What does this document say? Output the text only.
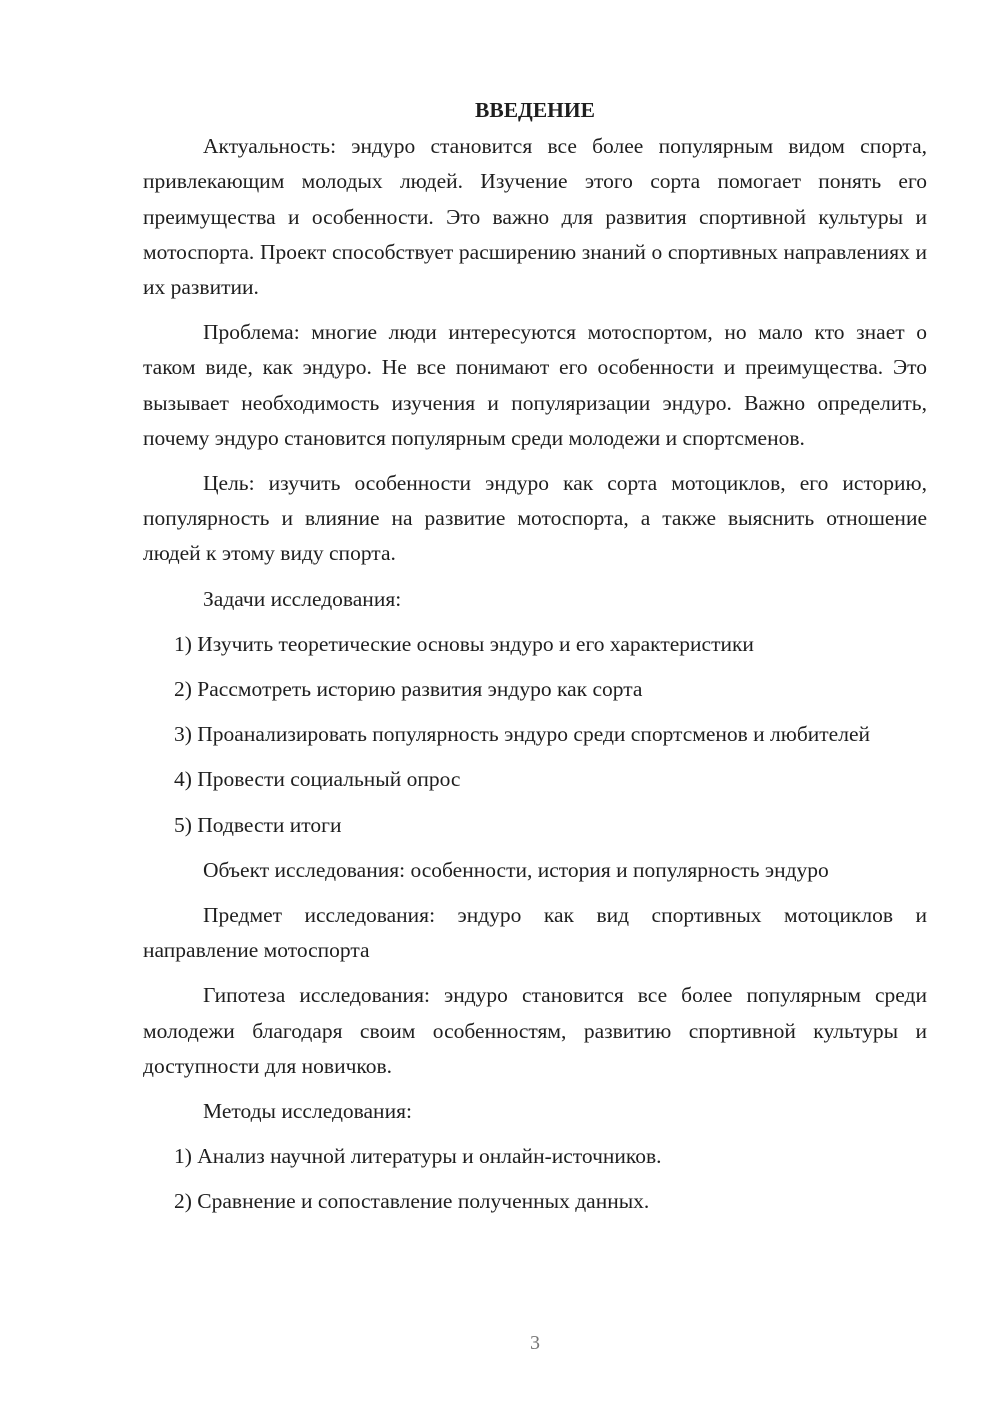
ВВЕДЕНИЕ

Актуальность: эндуро становится все более популярным видом спорта, привлекающим молодых людей. Изучение этого сорта помогает понять его преимущества и особенности. Это важно для развития спортивной культуры и мотоспорта. Проект способствует расширению знаний о спортивных направлениях и их развитии.

Проблема: многие люди интересуются мотоспортом, но мало кто знает о таком виде, как эндуро. Не все понимают его особенности и преимущества. Это вызывает необходимость изучения и популяризации эндуро. Важно определить, почему эндуро становится популярным среди молодежи и спортсменов.

Цель: изучить особенности эндуро как сорта мотоциклов, его историю, популярность и влияние на развитие мотоспорта, а также выяснить отношение людей к этому виду спорта.

Задачи исследования:

1) Изучить теоретические основы эндуро и его характеристики

2) Рассмотреть историю развития эндуро как сорта

3) Проанализировать популярность эндуро среди спортсменов и любителей

4) Провести социальный опрос

5) Подвести итоги

Объект исследования: особенности, история и популярность эндуро

Предмет исследования: эндуро как вид спортивных мотоциклов и направление мотоспорта

Гипотеза исследования: эндуро становится все более популярным среди молодежи благодаря своим особенностям, развитию спортивной культуры и доступности для новичков.

Методы исследования:

1) Анализ научной литературы и онлайн-источников.

2) Сравнение и сопоставление полученных данных.

3
